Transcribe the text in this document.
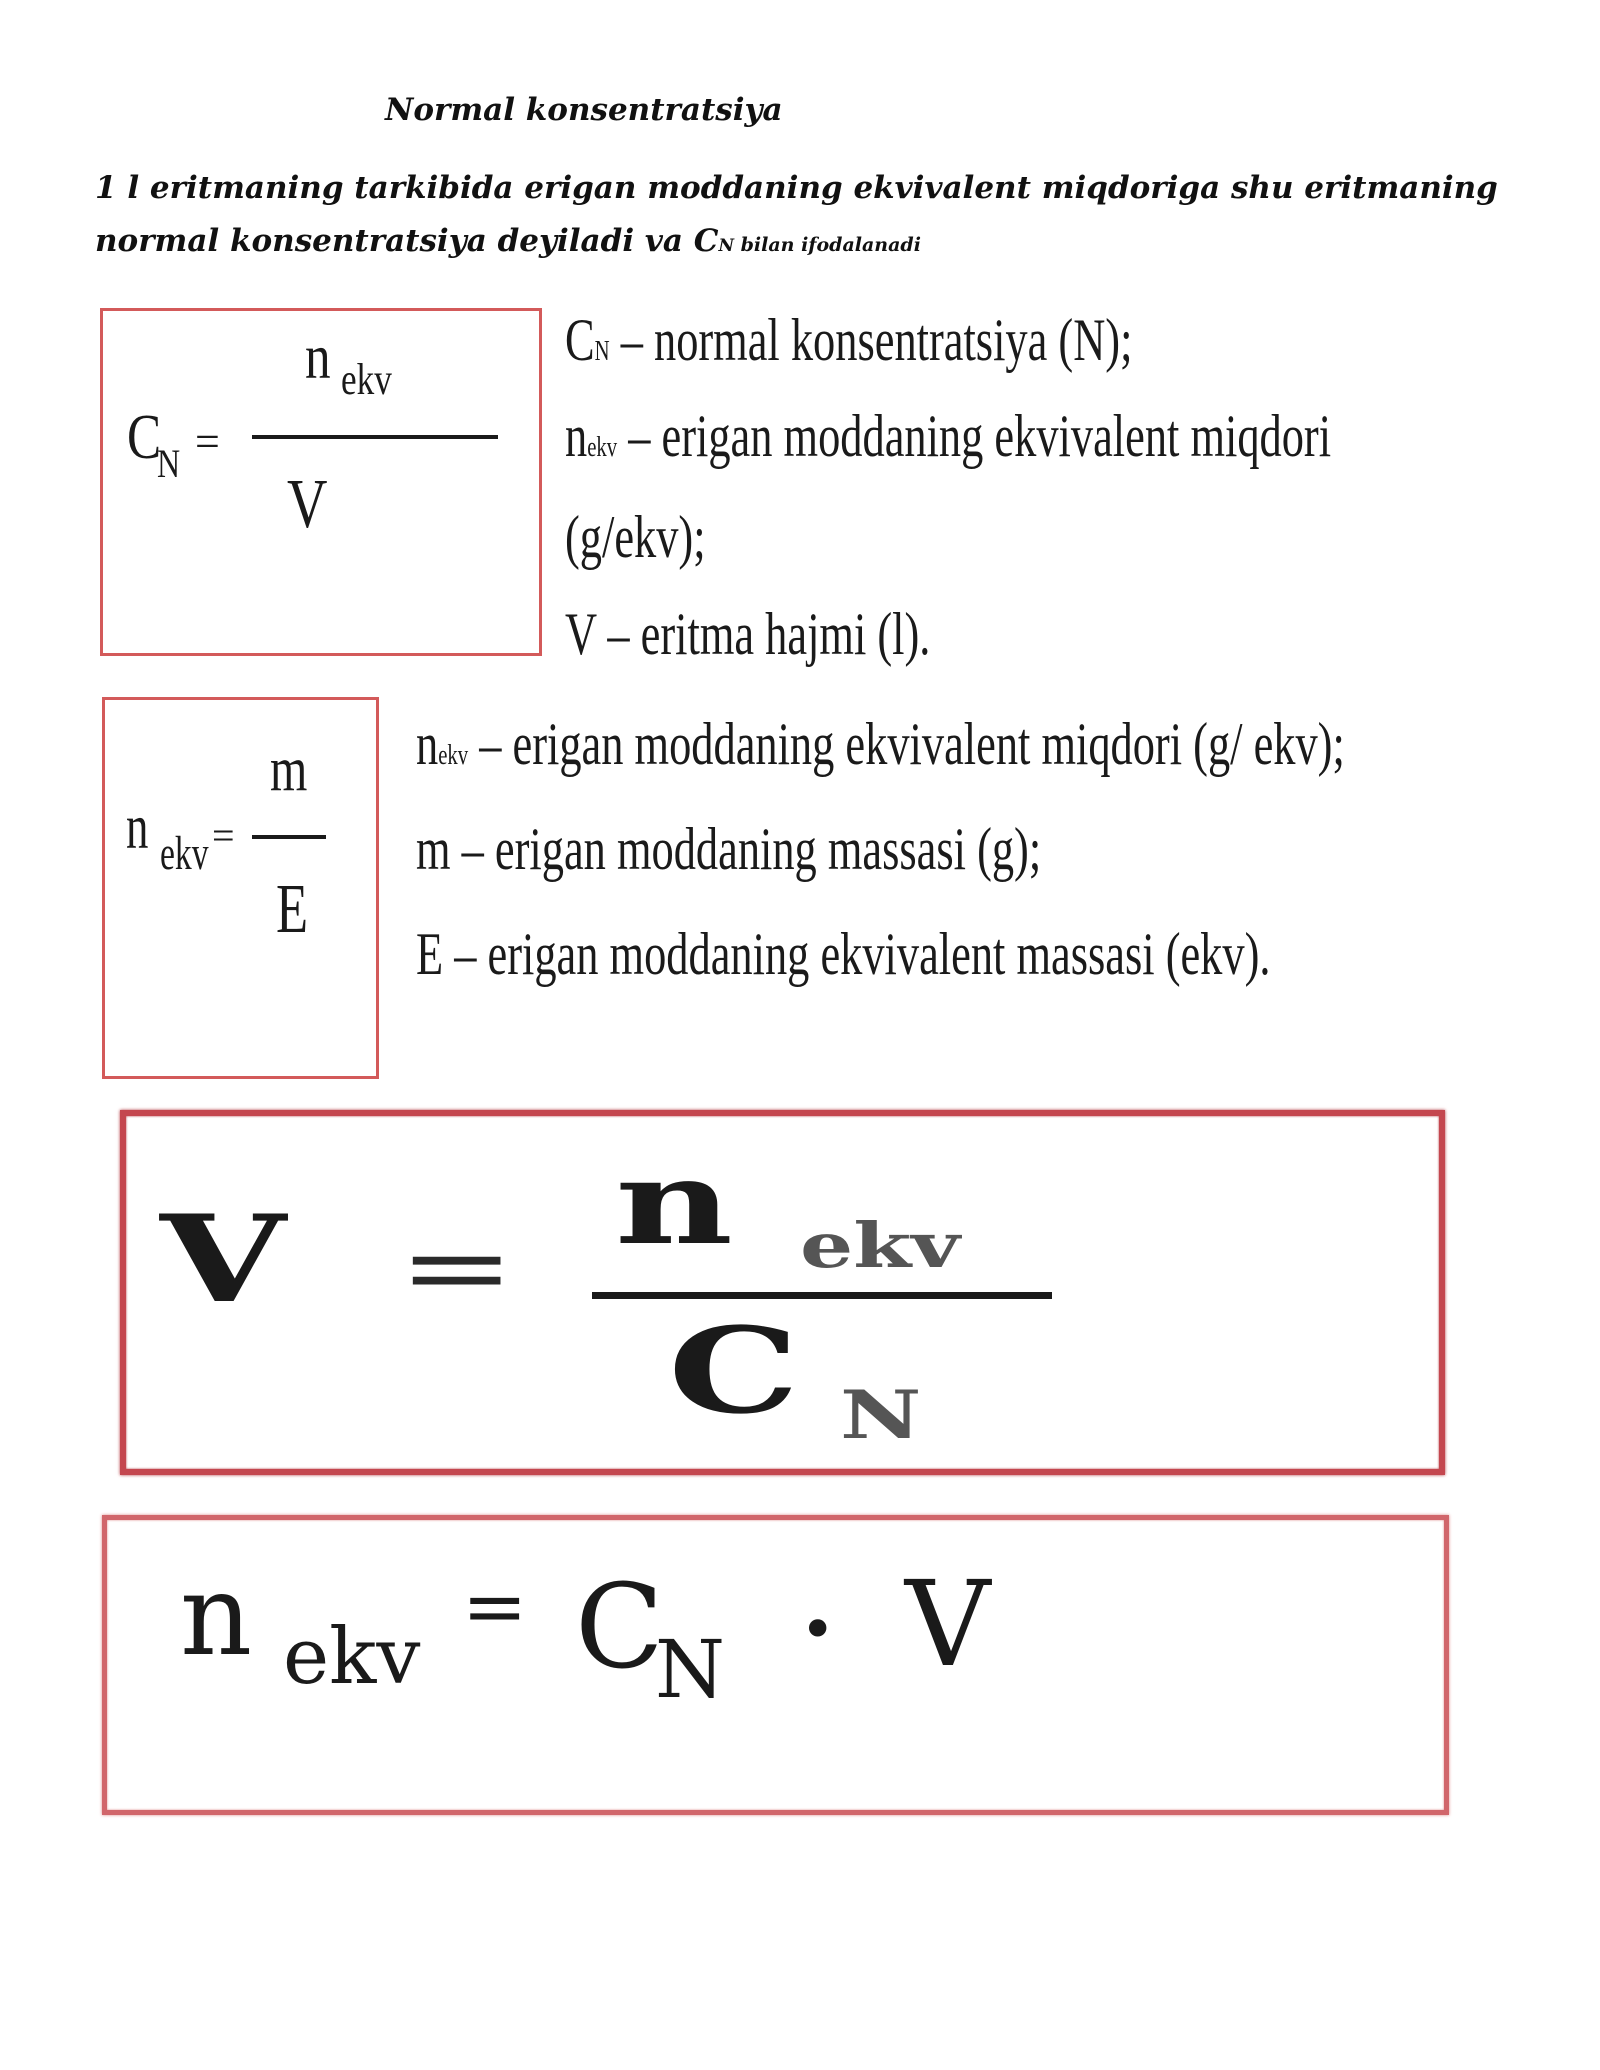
Normal konsentratsiya
1 l eritmaning tarkibida erigan moddaning ekvivalent miqdoriga shu eritmaning normal konsentratsiya deyiladi va CN bilan ifodalanadi
C
N =
n ekv
V
CN – normal konsentratsiya (N);
nekv – erigan moddaning ekvivalent miqdori
(g/ekv);
V – eritma hajmi (l).
n ekv =
m
E
nekv – erigan moddaning ekvivalent miqdori (g/ ekv);
m – erigan moddaning massasi (g);
E – erigan moddaning ekvivalent massasi (ekv).
V = n ekv
C N
n ekv
= C
N • V
